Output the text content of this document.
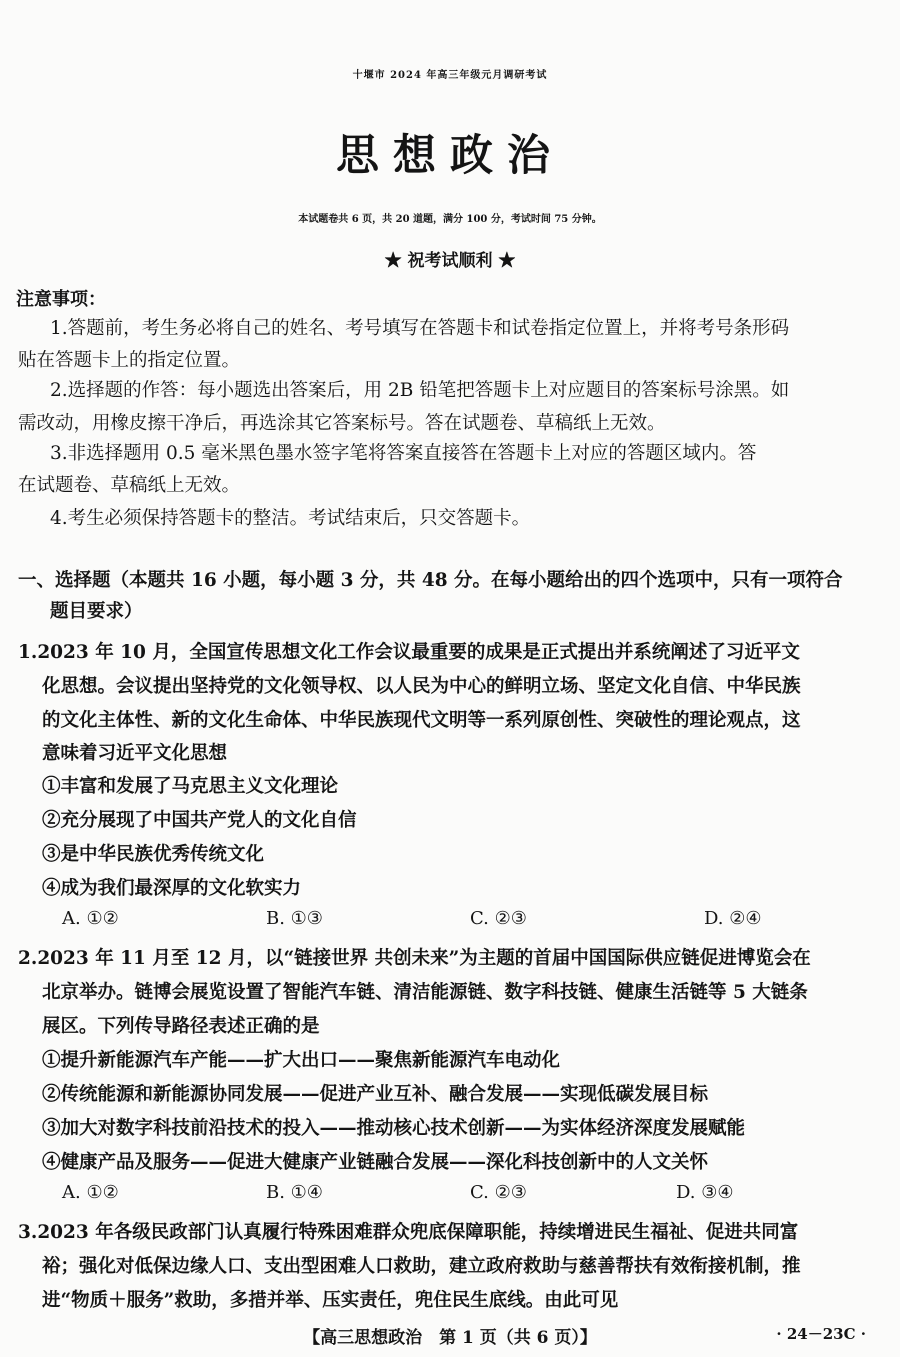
十堰市 2024 年高三年级元月调研考试
思想政治
本试题卷共 6 页，共 20 道题，满分 100 分，考试时间 75 分钟。
★ 祝考试顺利 ★
注意事项：
1.答题前，考生务必将自己的姓名、考号填写在答题卡和试卷指定位置上，并将考号条形码
贴在答题卡上的指定位置。
2.选择题的作答：每小题选出答案后，用 2B 铅笔把答题卡上对应题目的答案标号涂黑。如
需改动，用橡皮擦干净后，再选涂其它答案标号。答在试题卷、草稿纸上无效。
3.非选择题用 0.5 毫米黑色墨水签字笔将答案直接答在答题卡上对应的答题区域内。答
在试题卷、草稿纸上无效。
4.考生必须保持答题卡的整洁。考试结束后，只交答题卡。
一、选择题（本题共 16 小题，每小题 3 分，共 48 分。在每小题给出的四个选项中，只有一项符合
题目要求）
1.2023 年 10 月，全国宣传思想文化工作会议最重要的成果是正式提出并系统阐述了习近平文
化思想。会议提出坚持党的文化领导权、以人民为中心的鲜明立场、坚定文化自信、中华民族
的文化主体性、新的文化生命体、中华民族现代文明等一系列原创性、突破性的理论观点，这
意味着习近平文化思想
①丰富和发展了马克思主义文化理论
②充分展现了中国共产党人的文化自信
③是中华民族优秀传统文化
④成为我们最深厚的文化软实力
A. ①②	B. ①③	C. ②③	D. ②④
2.2023 年 11 月至 12 月，以“链接世界 共创未来”为主题的首届中国国际供应链促进博览会在
北京举办。链博会展览设置了智能汽车链、清洁能源链、数字科技链、健康生活链等 5 大链条
展区。下列传导路径表述正确的是
①提升新能源汽车产能——扩大出口——聚焦新能源汽车电动化
②传统能源和新能源协同发展——促进产业互补、融合发展——实现低碳发展目标
③加大对数字科技前沿技术的投入——推动核心技术创新——为实体经济深度发展赋能
④健康产品及服务——促进大健康产业链融合发展——深化科技创新中的人文关怀
A. ①②	B. ①④	C. ②③	D. ③④
3.2023 年各级民政部门认真履行特殊困难群众兜底保障职能，持续增进民生福祉、促进共同富
裕；强化对低保边缘人口、支出型困难人口救助，建立政府救助与慈善帮扶有效衔接机制，推
进“物质＋服务”救助，多措并举、压实责任，兜住民生底线。由此可见
【高三思想政治　第 1 页（共 6 页）】	· 24－23C ·
